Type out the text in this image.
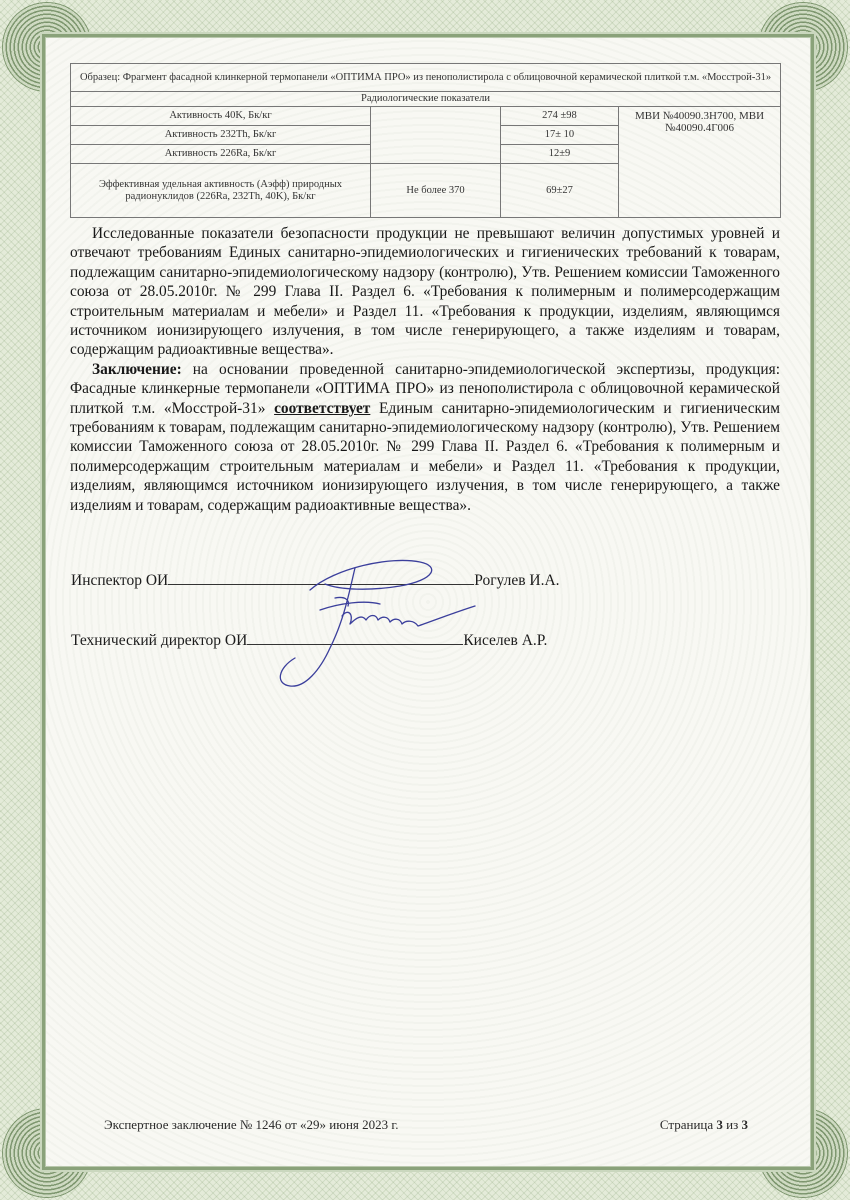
Образец: Фрагмент фасадной клинкерной термопанели «ОПТИМА ПРО» из пенополистирола с облицовочной керамической плиткой т.м. «Мосстрой-31»			
Радиологические показатели			
Активность 40K, Бк/кг		274 ±98	МВИ №40090.3Н700, МВИ №40090.4Г006
Активность 232Th, Бк/кг		17± 10	
Активность 226Ra, Бк/кг		12±9	
Эффективная удельная активность (Аэфф) природных радионуклидов (226Ra, 232Th, 40K), Бк/кг	Не более 370	69±27	

Исследованные показатели безопасности продукции не превышают величин допустимых уровней и отвечают требованиям Единых санитарно-эпидемиологических и гигиенических требований к товарам, подлежащим санитарно-эпидемиологическому надзору (контролю), Утв. Решением комиссии Таможенного союза от 28.05.2010г. № 299 Глава II. Раздел 6. «Требования к полимерным и полимерсодержащим строительным материалам и мебели» и Раздел 11. «Требования к продукции, изделиям, являющимся источником ионизирующего излучения, в том числе генерирующего, а также изделиям и товарам, содержащим радиоактивные вещества».

Заключение: на основании проведенной санитарно-эпидемиологической экспертизы, продукция: Фасадные клинкерные термопанели «ОПТИМА ПРО» из пенополистирола с облицовочной керамической плиткой т.м. «Мосстрой-31» соответствует Единым санитарно-эпидемиологическим и гигиеническим требованиям к товарам, подлежащим санитарно-эпидемиологическому надзору (контролю), Утв. Решением комиссии Таможенного союза от 28.05.2010г. № 299 Глава II. Раздел 6. «Требования к полимерным и полимерсодержащим строительным материалам и мебели» и Раздел 11. «Требования к продукции, изделиям, являющимся источником ионизирующего излучения, в том числе генерирующего, а также изделиям и товарам, содержащим радиоактивные вещества».

Инспектор ОИ	Рогулев И.А.
Технический директор ОИ	Киселев А.Р.
Экспертное заключение № 1246 от «29» июня 2023 г.	Страница 3 из 3
